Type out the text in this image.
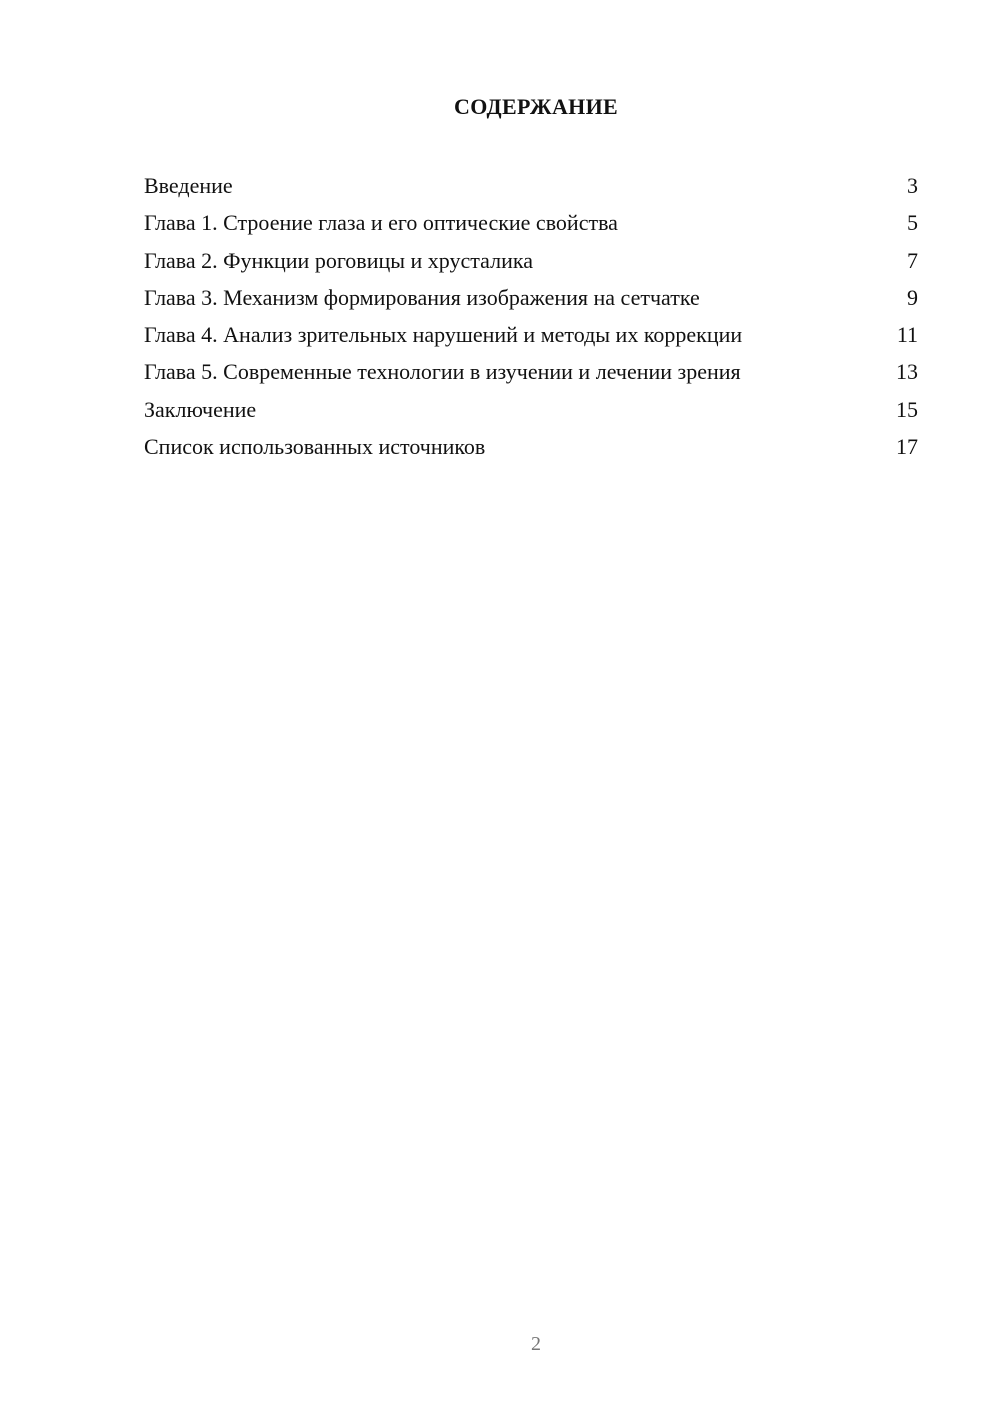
СОДЕРЖАНИЕ
Введение	3
Глава 1. Строение глаза и его оптические свойства	5
Глава 2. Функции роговицы и хрусталика	7
Глава 3. Механизм формирования изображения на сетчатке	9
Глава 4. Анализ зрительных нарушений и методы их коррекции	11
Глава 5. Современные технологии в изучении и лечении зрения	13
Заключение	15
Список использованных источников	17
2
